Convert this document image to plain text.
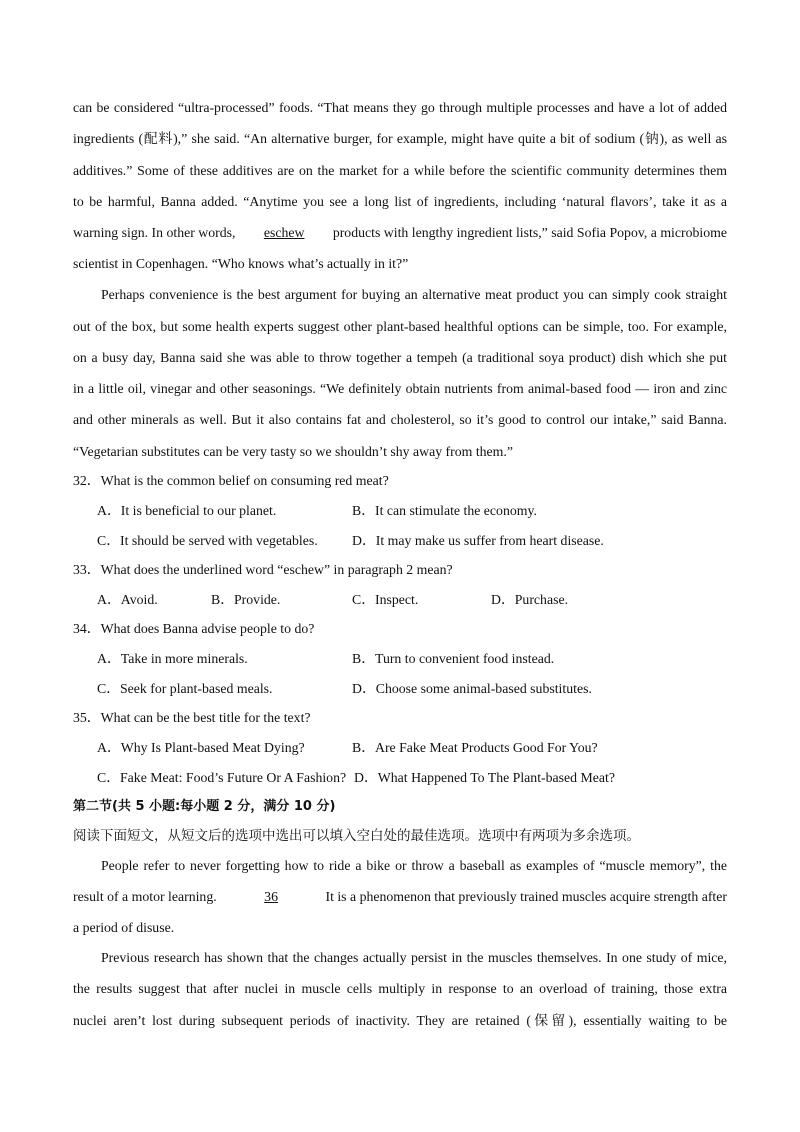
can be considered “ultra-processed” foods. “That means they go through multiple processes and have a lot of added
ingredients (配料),” she said. “An alternative burger, for example, might have quite a bit of sodium (钠), as well as
additives.” Some of these additives are on the market for a while before the scientific community determines them
to be harmful, Banna added. “Anytime you see a long list of ingredients, including ‘natural flavors’, take it as a
warning sign. In other words, eschew products with lengthy ingredient lists,” said Sofia Popov, a microbiome
scientist in Copenhagen. “Who knows what’s actually in it?”
Perhaps convenience is the best argument for buying an alternative meat product you can simply cook straight
out of the box, but some health experts suggest other plant-based healthful options can be simple, too. For example,
on a busy day, Banna said she was able to throw together a tempeh (a traditional soya product) dish which she put
in a little oil, vinegar and other seasonings. “We definitely obtain nutrients from animal-based food — iron and zinc
and other minerals as well. But it also contains fat and cholesterol, so it’s good to control our intake,” said Banna.
“Vegetarian substitutes can be very tasty so we shouldn’t shy away from them.”
32．What is the common belief on consuming red meat?
A．It is beneficial to our planet.	B．It can stimulate the economy.
C．It should be served with vegetables. D．It may make us suffer from heart disease.
33．What does the underlined word “eschew” in paragraph 2 mean?
A．Avoid.	B．Provide.	C．Inspect.	D．Purchase.
34．What does Banna advise people to do?
A．Take in more minerals.	B．Turn to convenient food instead.
C．Seek for plant-based meals.	D．Choose some animal-based substitutes.
35．What can be the best title for the text?
A．Why Is Plant-based Meat Dying?	B．Are Fake Meat Products Good For You?
C．Fake Meat: Food’s Future Or A Fashion? D．What Happened To The Plant-based Meat?
第二节(共 5 小题:每小题 2 分，满分 10 分)
阅读下面短文，从短文后的选项中选出可以填入空白处的最佳选项。选项中有两项为多余选项。
People refer to never forgetting how to ride a bike or throw a baseball as examples of “muscle memory”, the
result of a motor learning.	36	It is a phenomenon that previously trained muscles acquire strength after
a period of disuse.
Previous research has shown that the changes actually persist in the muscles themselves. In one study of mice,
the results suggest that after nuclei in muscle cells multiply in response to an overload of training, those extra
nuclei aren’t lost during subsequent periods of inactivity. They are retained (保留), essentially waiting to be
